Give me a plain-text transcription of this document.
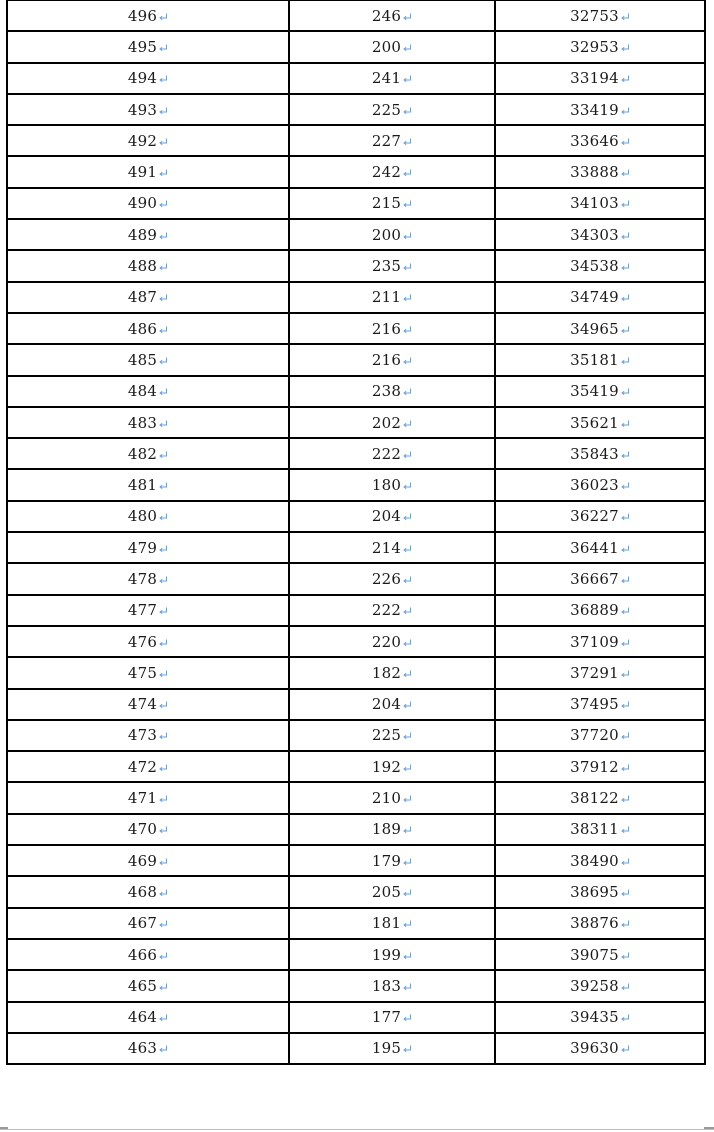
496	246	32753

495	200	32953

494	241	33194

493	225	33419

492	227	33646

491	242	33888

490	215	34103

489	200	34303

488	235	34538

487	211	34749

486	216	34965

485	216	35181

484	238	35419

483	202	35621

482	222	35843

481	180	36023

480	204	36227

479	214	36441

478	226	36667

477	222	36889

476	220	37109

475	182	37291

474	204	37495

473	225	37720

472	192	37912

471	210	38122

470	189	38311

469	179	38490

468	205	38695

467	181	38876

466	199	39075

465	183	39258

464	177	39435

463	195	39630
